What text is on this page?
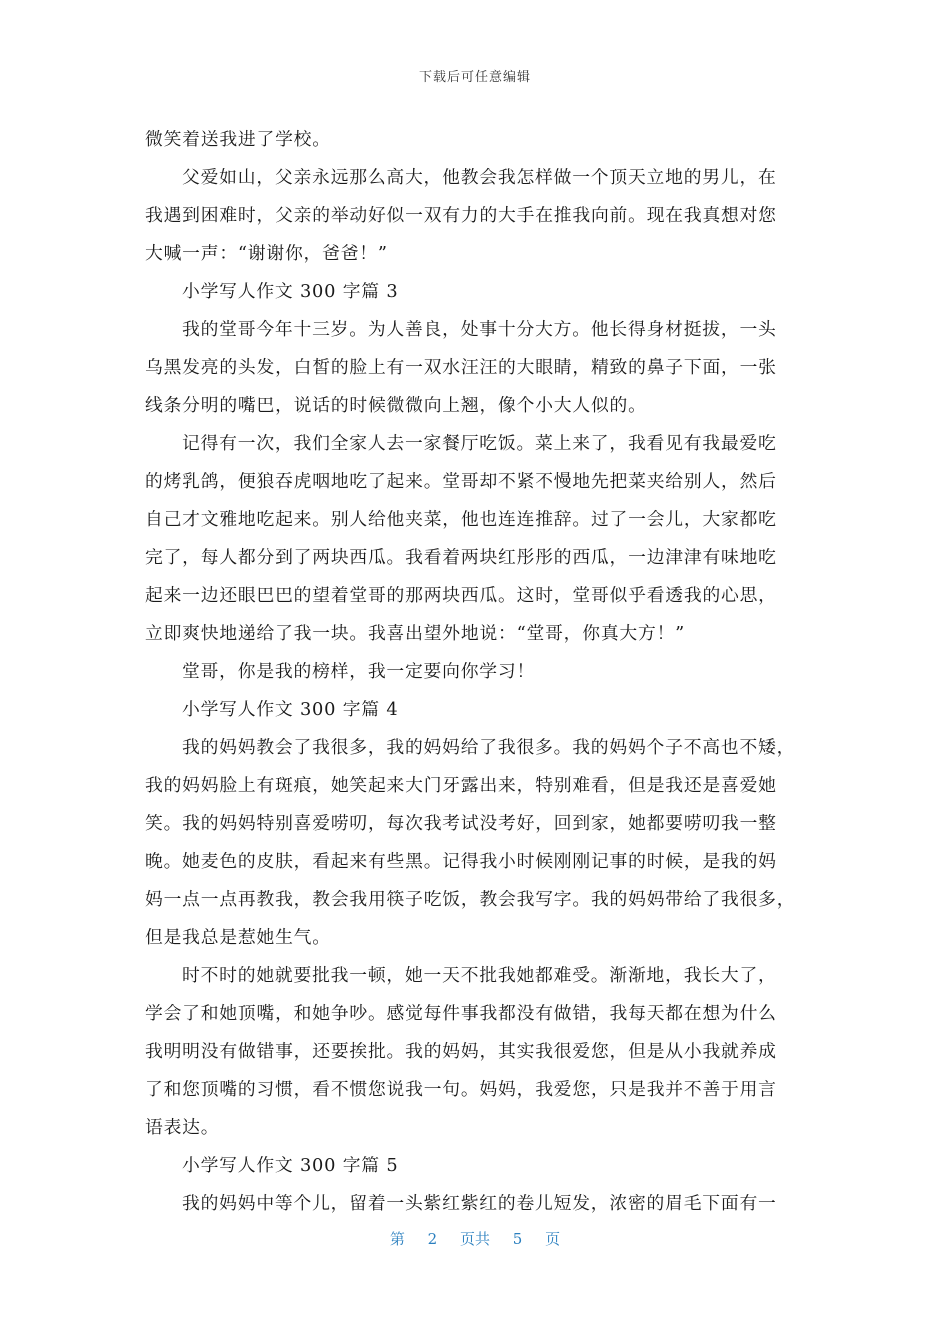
下载后可任意编辑
微笑着送我进了学校。
父爱如山，父亲永远那么高大，他教会我怎样做一个顶天立地的男儿，在
我遇到困难时，父亲的举动好似一双有力的大手在推我向前。现在我真想对您
大喊一声：“谢谢你，爸爸！”
小学写人作文 300 字篇 3
我的堂哥今年十三岁。为人善良，处事十分大方。他长得身材挺拔，一头
乌黑发亮的头发，白皙的脸上有一双水汪汪的大眼睛，精致的鼻子下面，一张
线条分明的嘴巴，说话的时候微微向上翘，像个小大人似的。
记得有一次，我们全家人去一家餐厅吃饭。菜上来了，我看见有我最爱吃
的烤乳鸽，便狼吞虎咽地吃了起来。堂哥却不紧不慢地先把菜夹给别人，然后
自己才文雅地吃起来。别人给他夹菜，他也连连推辞。过了一会儿，大家都吃
完了，每人都分到了两块西瓜。我看着两块红彤彤的西瓜，一边津津有味地吃
起来一边还眼巴巴的望着堂哥的那两块西瓜。这时，堂哥似乎看透我的心思，
立即爽快地递给了我一块。我喜出望外地说：“堂哥，你真大方！”
堂哥，你是我的榜样，我一定要向你学习！
小学写人作文 300 字篇 4
我的妈妈教会了我很多，我的妈妈给了我很多。我的妈妈个子不高也不矮，
我的妈妈脸上有斑痕，她笑起来大门牙露出来，特别难看，但是我还是喜爱她
笑。我的妈妈特别喜爱唠叨，每次我考试没考好，回到家，她都要唠叨我一整
晚。她麦色的皮肤，看起来有些黑。记得我小时候刚刚记事的时候，是我的妈
妈一点一点再教我，教会我用筷子吃饭，教会我写字。我的妈妈带给了我很多，
但是我总是惹她生气。
时不时的她就要批我一顿，她一天不批我她都难受。渐渐地，我长大了，
学会了和她顶嘴，和她争吵。感觉每件事我都没有做错，我每天都在想为什么
我明明没有做错事，还要挨批。我的妈妈，其实我很爱您，但是从小我就养成
了和您顶嘴的习惯，看不惯您说我一句。妈妈，我爱您，只是我并不善于用言
语表达。
小学写人作文 300 字篇 5
我的妈妈中等个儿，留着一头紫红紫红的卷儿短发，浓密的眉毛下面有一
第 2 页共 5 页
